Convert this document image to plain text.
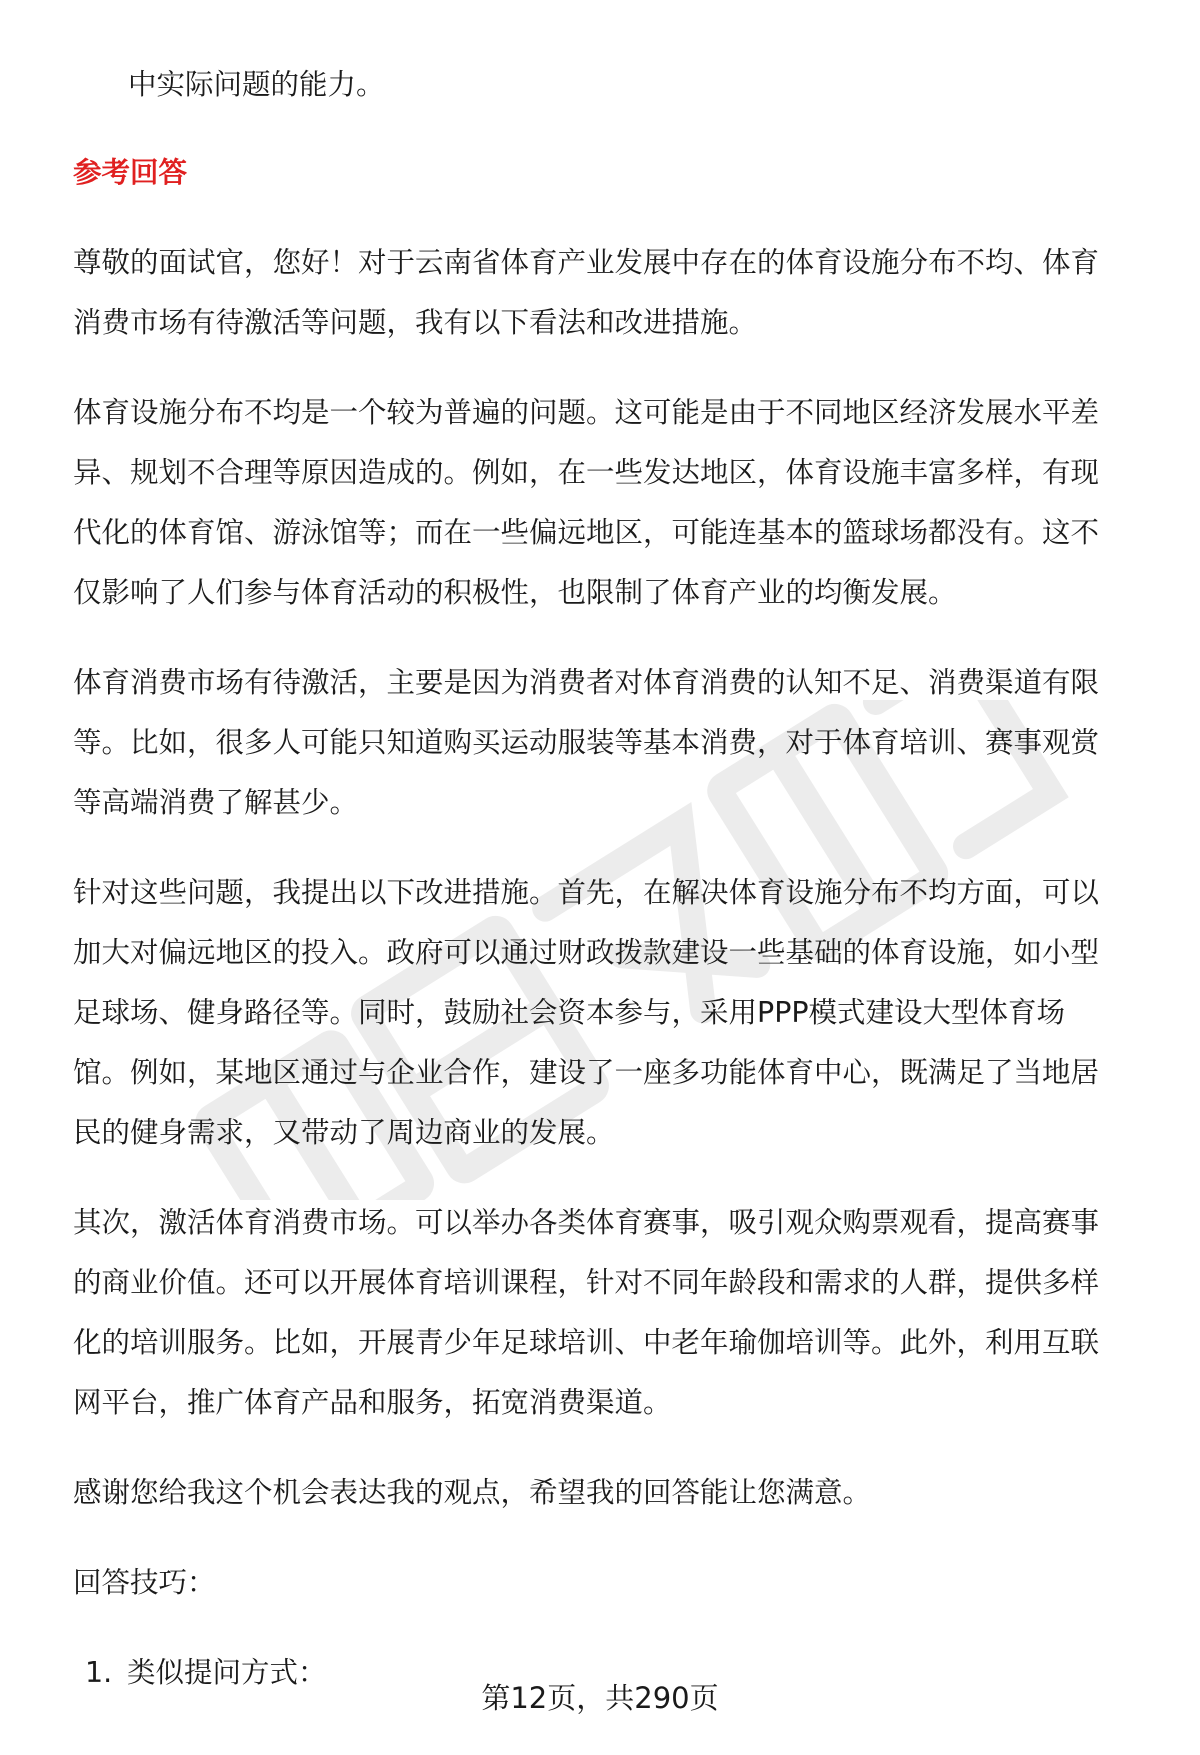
中实际问题的能力。

参考回答

尊敬的面试官，您好！对于云南省体育产业发展中存在的体育设施分布不均、体育

消费市场有待激活等问题，我有以下看法和改进措施。

体育设施分布不均是一个较为普遍的问题。这可能是由于不同地区经济发展水平差

异、规划不合理等原因造成的。例如，在一些发达地区，体育设施丰富多样，有现

代化的体育馆、游泳馆等；而在一些偏远地区，可能连基本的篮球场都没有。这不

仅影响了人们参与体育活动的积极性，也限制了体育产业的均衡发展。

体育消费市场有待激活，主要是因为消费者对体育消费的认知不足、消费渠道有限

等。比如，很多人可能只知道购买运动服装等基本消费，对于体育培训、赛事观赏

等高端消费了解甚少。

针对这些问题，我提出以下改进措施。首先，在解决体育设施分布不均方面，可以

加大对偏远地区的投入。政府可以通过财政拨款建设一些基础的体育设施，如小型

足球场、健身路径等。同时，鼓励社会资本参与，采用PPP模式建设大型体育场

馆。例如，某地区通过与企业合作，建设了一座多功能体育中心，既满足了当地居

民的健身需求，又带动了周边商业的发展。

其次，激活体育消费市场。可以举办各类体育赛事，吸引观众购票观看，提高赛事

的商业价值。还可以开展体育培训课程，针对不同年龄段和需求的人群，提供多样

化的培训服务。比如，开展青少年足球培训、中老年瑜伽培训等。此外，利用互联

网平台，推广体育产品和服务，拓宽消费渠道。

感谢您给我这个机会表达我的观点，希望我的回答能让您满意。

回答技巧：

1. 类似提问方式：
第12页，共290页
